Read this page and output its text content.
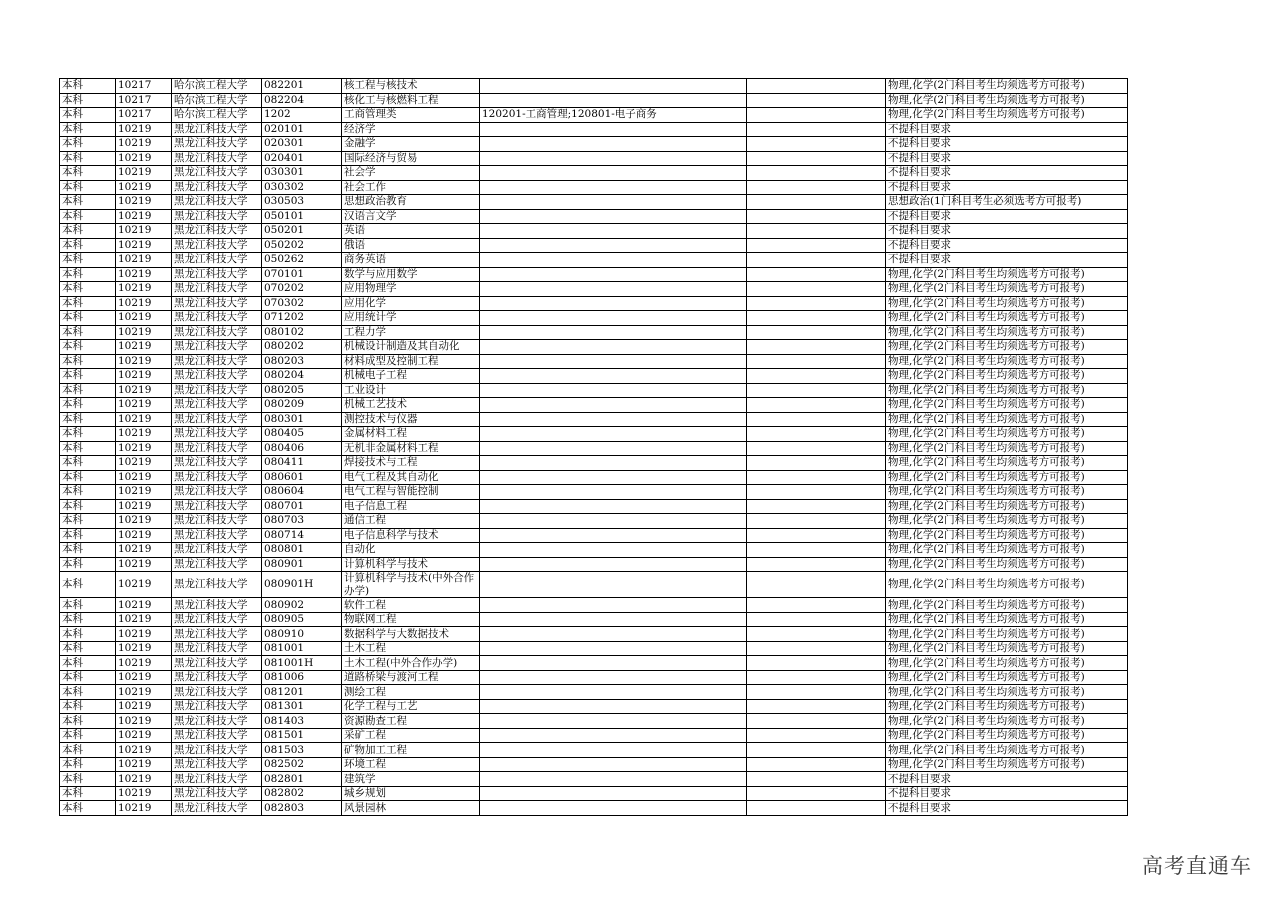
本科	10217	哈尔滨工程大学	082201	核工程与核技术			物理,化学(2门科目考生均须选考方可报考)
本科	10217	哈尔滨工程大学	082204	核化工与核燃料工程			物理,化学(2门科目考生均须选考方可报考)
本科	10217	哈尔滨工程大学	1202	工商管理类	120201-工商管理;120801-电子商务		物理,化学(2门科目考生均须选考方可报考)
本科	10219	黑龙江科技大学	020101	经济学			不提科目要求
本科	10219	黑龙江科技大学	020301	金融学			不提科目要求
本科	10219	黑龙江科技大学	020401	国际经济与贸易			不提科目要求
本科	10219	黑龙江科技大学	030301	社会学			不提科目要求
本科	10219	黑龙江科技大学	030302	社会工作			不提科目要求
本科	10219	黑龙江科技大学	030503	思想政治教育			思想政治(1门科目考生必须选考方可报考)
本科	10219	黑龙江科技大学	050101	汉语言文学			不提科目要求
本科	10219	黑龙江科技大学	050201	英语			不提科目要求
本科	10219	黑龙江科技大学	050202	俄语			不提科目要求
本科	10219	黑龙江科技大学	050262	商务英语			不提科目要求
本科	10219	黑龙江科技大学	070101	数学与应用数学			物理,化学(2门科目考生均须选考方可报考)
本科	10219	黑龙江科技大学	070202	应用物理学			物理,化学(2门科目考生均须选考方可报考)
本科	10219	黑龙江科技大学	070302	应用化学			物理,化学(2门科目考生均须选考方可报考)
本科	10219	黑龙江科技大学	071202	应用统计学			物理,化学(2门科目考生均须选考方可报考)
本科	10219	黑龙江科技大学	080102	工程力学			物理,化学(2门科目考生均须选考方可报考)
本科	10219	黑龙江科技大学	080202	机械设计制造及其自动化			物理,化学(2门科目考生均须选考方可报考)
本科	10219	黑龙江科技大学	080203	材料成型及控制工程			物理,化学(2门科目考生均须选考方可报考)
本科	10219	黑龙江科技大学	080204	机械电子工程			物理,化学(2门科目考生均须选考方可报考)
本科	10219	黑龙江科技大学	080205	工业设计			物理,化学(2门科目考生均须选考方可报考)
本科	10219	黑龙江科技大学	080209	机械工艺技术			物理,化学(2门科目考生均须选考方可报考)
本科	10219	黑龙江科技大学	080301	测控技术与仪器			物理,化学(2门科目考生均须选考方可报考)
本科	10219	黑龙江科技大学	080405	金属材料工程			物理,化学(2门科目考生均须选考方可报考)
本科	10219	黑龙江科技大学	080406	无机非金属材料工程			物理,化学(2门科目考生均须选考方可报考)
本科	10219	黑龙江科技大学	080411	焊接技术与工程			物理,化学(2门科目考生均须选考方可报考)
本科	10219	黑龙江科技大学	080601	电气工程及其自动化			物理,化学(2门科目考生均须选考方可报考)
本科	10219	黑龙江科技大学	080604	电气工程与智能控制			物理,化学(2门科目考生均须选考方可报考)
本科	10219	黑龙江科技大学	080701	电子信息工程			物理,化学(2门科目考生均须选考方可报考)
本科	10219	黑龙江科技大学	080703	通信工程			物理,化学(2门科目考生均须选考方可报考)
本科	10219	黑龙江科技大学	080714	电子信息科学与技术			物理,化学(2门科目考生均须选考方可报考)
本科	10219	黑龙江科技大学	080801	自动化			物理,化学(2门科目考生均须选考方可报考)
本科	10219	黑龙江科技大学	080901	计算机科学与技术			物理,化学(2门科目考生均须选考方可报考)
本科	10219	黑龙江科技大学	080901H	计算机科学与技术(中外合作办学)			物理,化学(2门科目考生均须选考方可报考)
本科	10219	黑龙江科技大学	080902	软件工程			物理,化学(2门科目考生均须选考方可报考)
本科	10219	黑龙江科技大学	080905	物联网工程			物理,化学(2门科目考生均须选考方可报考)
本科	10219	黑龙江科技大学	080910	数据科学与大数据技术			物理,化学(2门科目考生均须选考方可报考)
本科	10219	黑龙江科技大学	081001	土木工程			物理,化学(2门科目考生均须选考方可报考)
本科	10219	黑龙江科技大学	081001H	土木工程(中外合作办学)			物理,化学(2门科目考生均须选考方可报考)
本科	10219	黑龙江科技大学	081006	道路桥梁与渡河工程			物理,化学(2门科目考生均须选考方可报考)
本科	10219	黑龙江科技大学	081201	测绘工程			物理,化学(2门科目考生均须选考方可报考)
本科	10219	黑龙江科技大学	081301	化学工程与工艺			物理,化学(2门科目考生均须选考方可报考)
本科	10219	黑龙江科技大学	081403	资源勘查工程			物理,化学(2门科目考生均须选考方可报考)
本科	10219	黑龙江科技大学	081501	采矿工程			物理,化学(2门科目考生均须选考方可报考)
本科	10219	黑龙江科技大学	081503	矿物加工工程			物理,化学(2门科目考生均须选考方可报考)
本科	10219	黑龙江科技大学	082502	环境工程			物理,化学(2门科目考生均须选考方可报考)
本科	10219	黑龙江科技大学	082801	建筑学			不提科目要求
本科	10219	黑龙江科技大学	082802	城乡规划			不提科目要求
本科	10219	黑龙江科技大学	082803	风景园林			不提科目要求
高考直通车
